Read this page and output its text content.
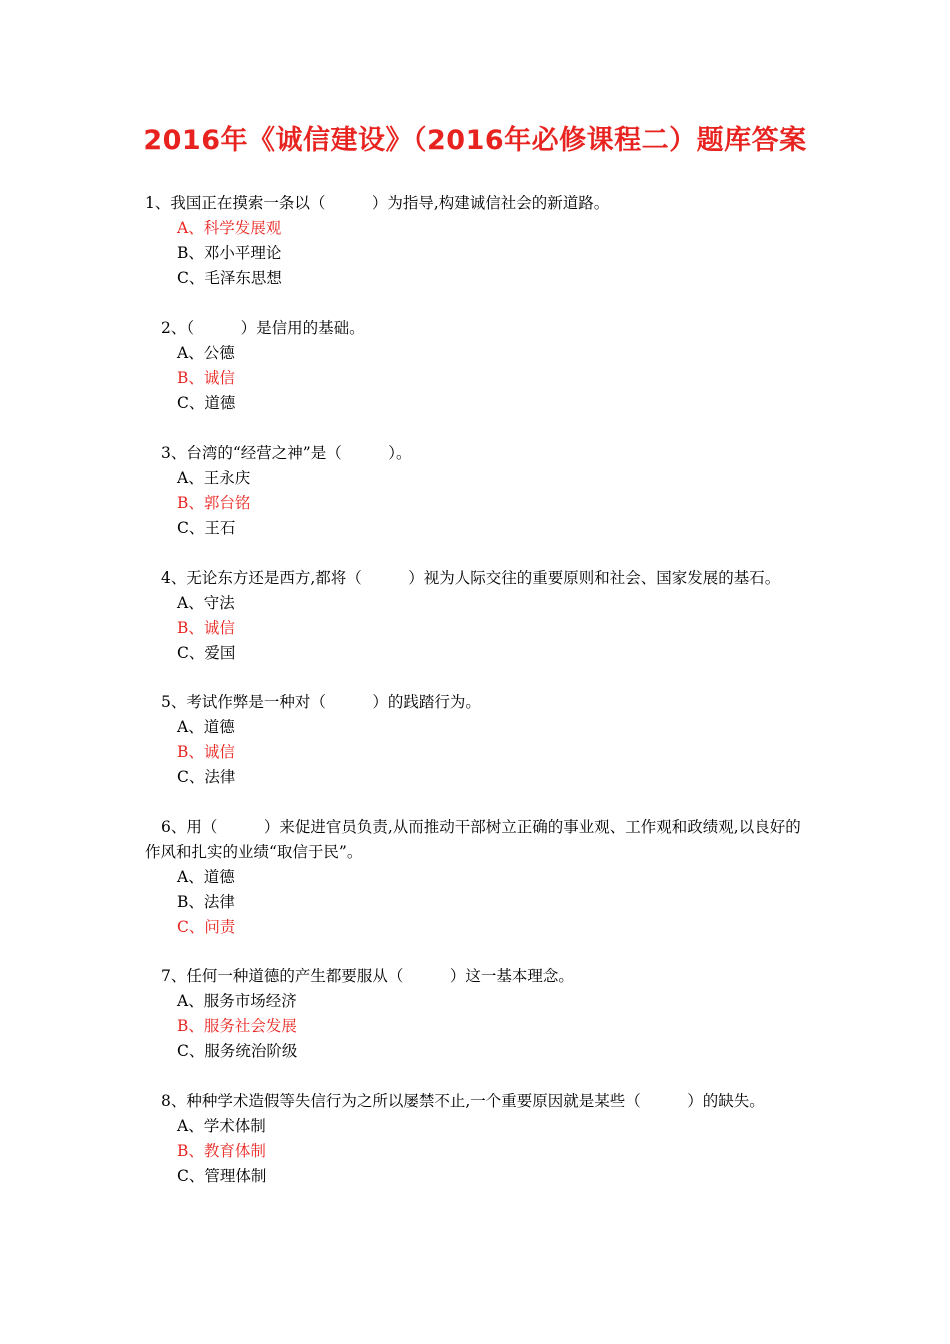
2016年《诚信建设》（2016年必修课程二）题库答案

1、我国正在摸索一条以（　　　）为指导,构建诚信社会的新道路。

A、科学发展观

B、邓小平理论

C、毛泽东思想

2、（　　　）是信用的基础。

A、公德

B、诚信

C、道德

3、台湾的“经营之神”是（　　　）。

A、王永庆

B、郭台铭

C、王石

4、无论东方还是西方,都将（　　　）视为人际交往的重要原则和社会、国家发展的基石。

A、守法

B、诚信

C、爱国

5、考试作弊是一种对（　　　）的践踏行为。

A、道德

B、诚信

C、法律

6、用（　　　）来促进官员负责,从而推动干部树立正确的事业观、工作观和政绩观,以良好的作风和扎实的业绩“取信于民”。

A、道德

B、法律

C、问责

7、任何一种道德的产生都要服从（　　　）这一基本理念。

A、服务市场经济

B、服务社会发展

C、服务统治阶级

8、种种学术造假等失信行为之所以屡禁不止,一个重要原因就是某些（　　　）的缺失。

A、学术体制

B、教育体制

C、管理体制
